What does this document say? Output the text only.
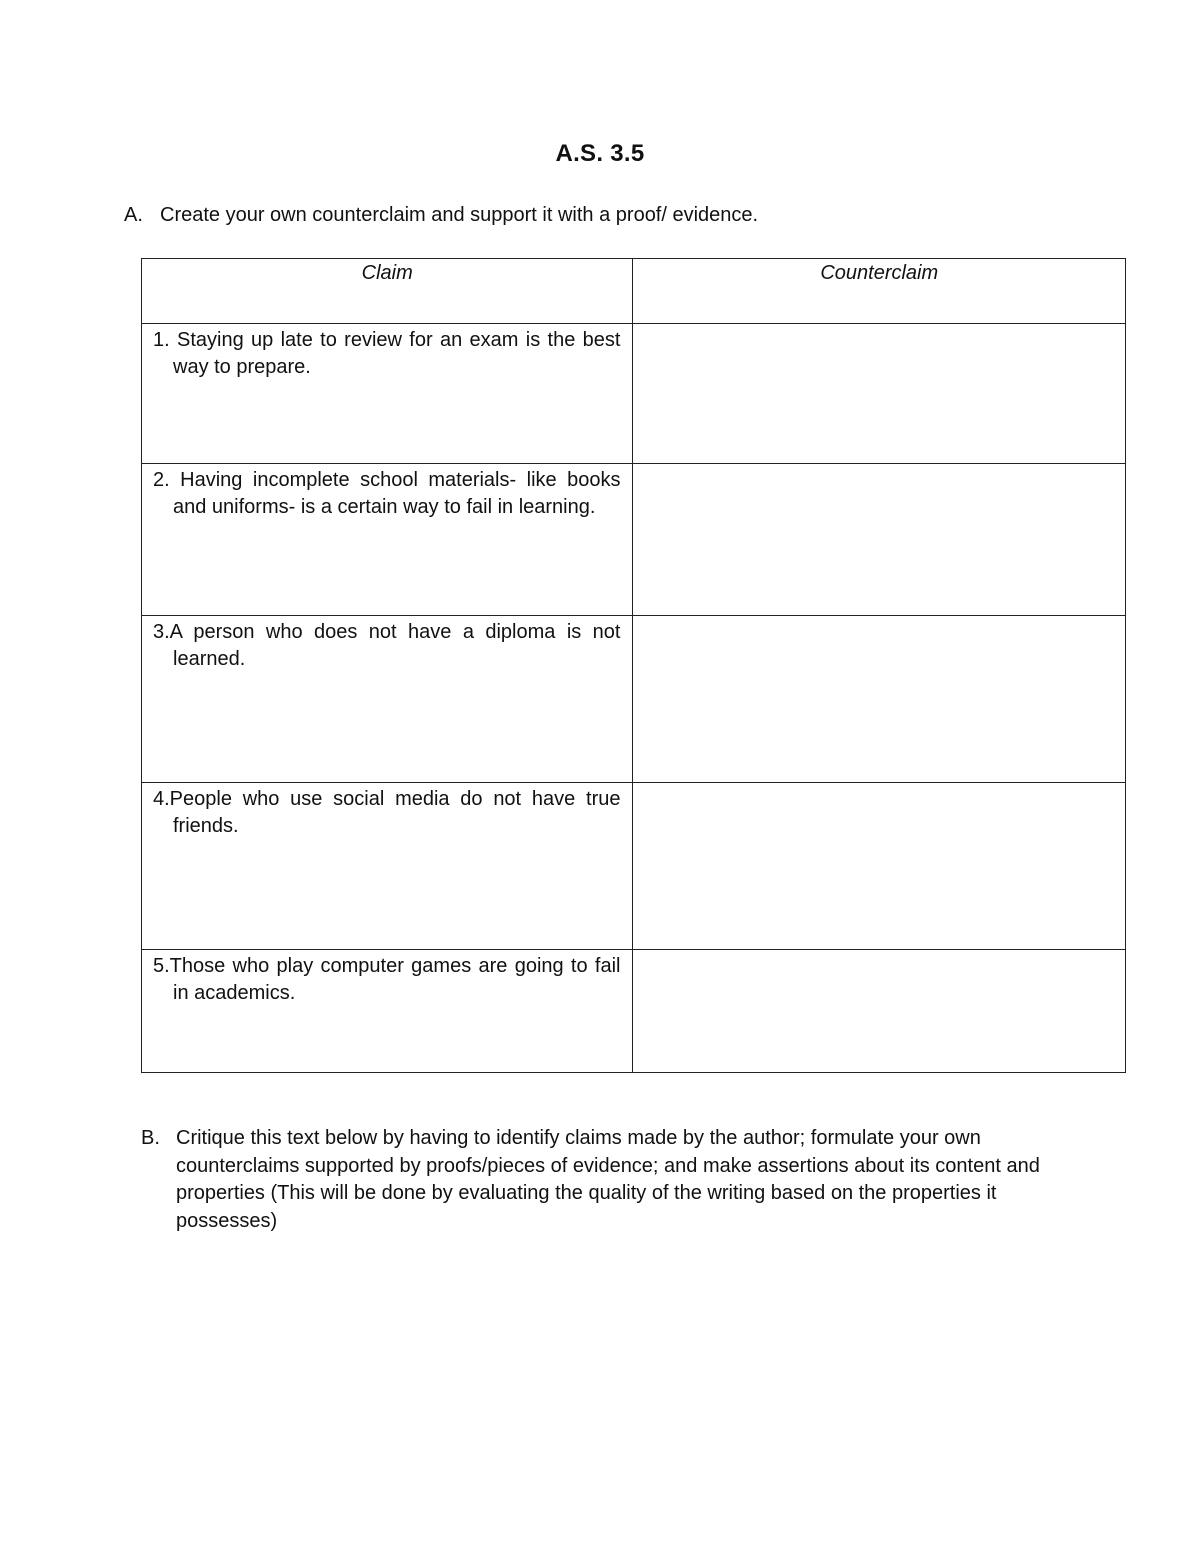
A.S. 3.5
A. Create your own counterclaim and support it with a proof/ evidence.
Claim	Counterclaim

1. Staying up late to review for an exam is the best way to prepare.	

2. Having incomplete school materials- like books and uniforms- is a certain way to fail in learning.	

3.A person who does not have a diploma is not learned.	

4.People who use social media do not have true friends.	

5.Those who play computer games are going to fail in academics.	

B. Critique this text below by having to identify claims made by the author; formulate your own counterclaims supported by proofs/pieces of evidence; and make assertions about its content and properties (This will be done by evaluating the quality of the writing based on the properties it possesses)
